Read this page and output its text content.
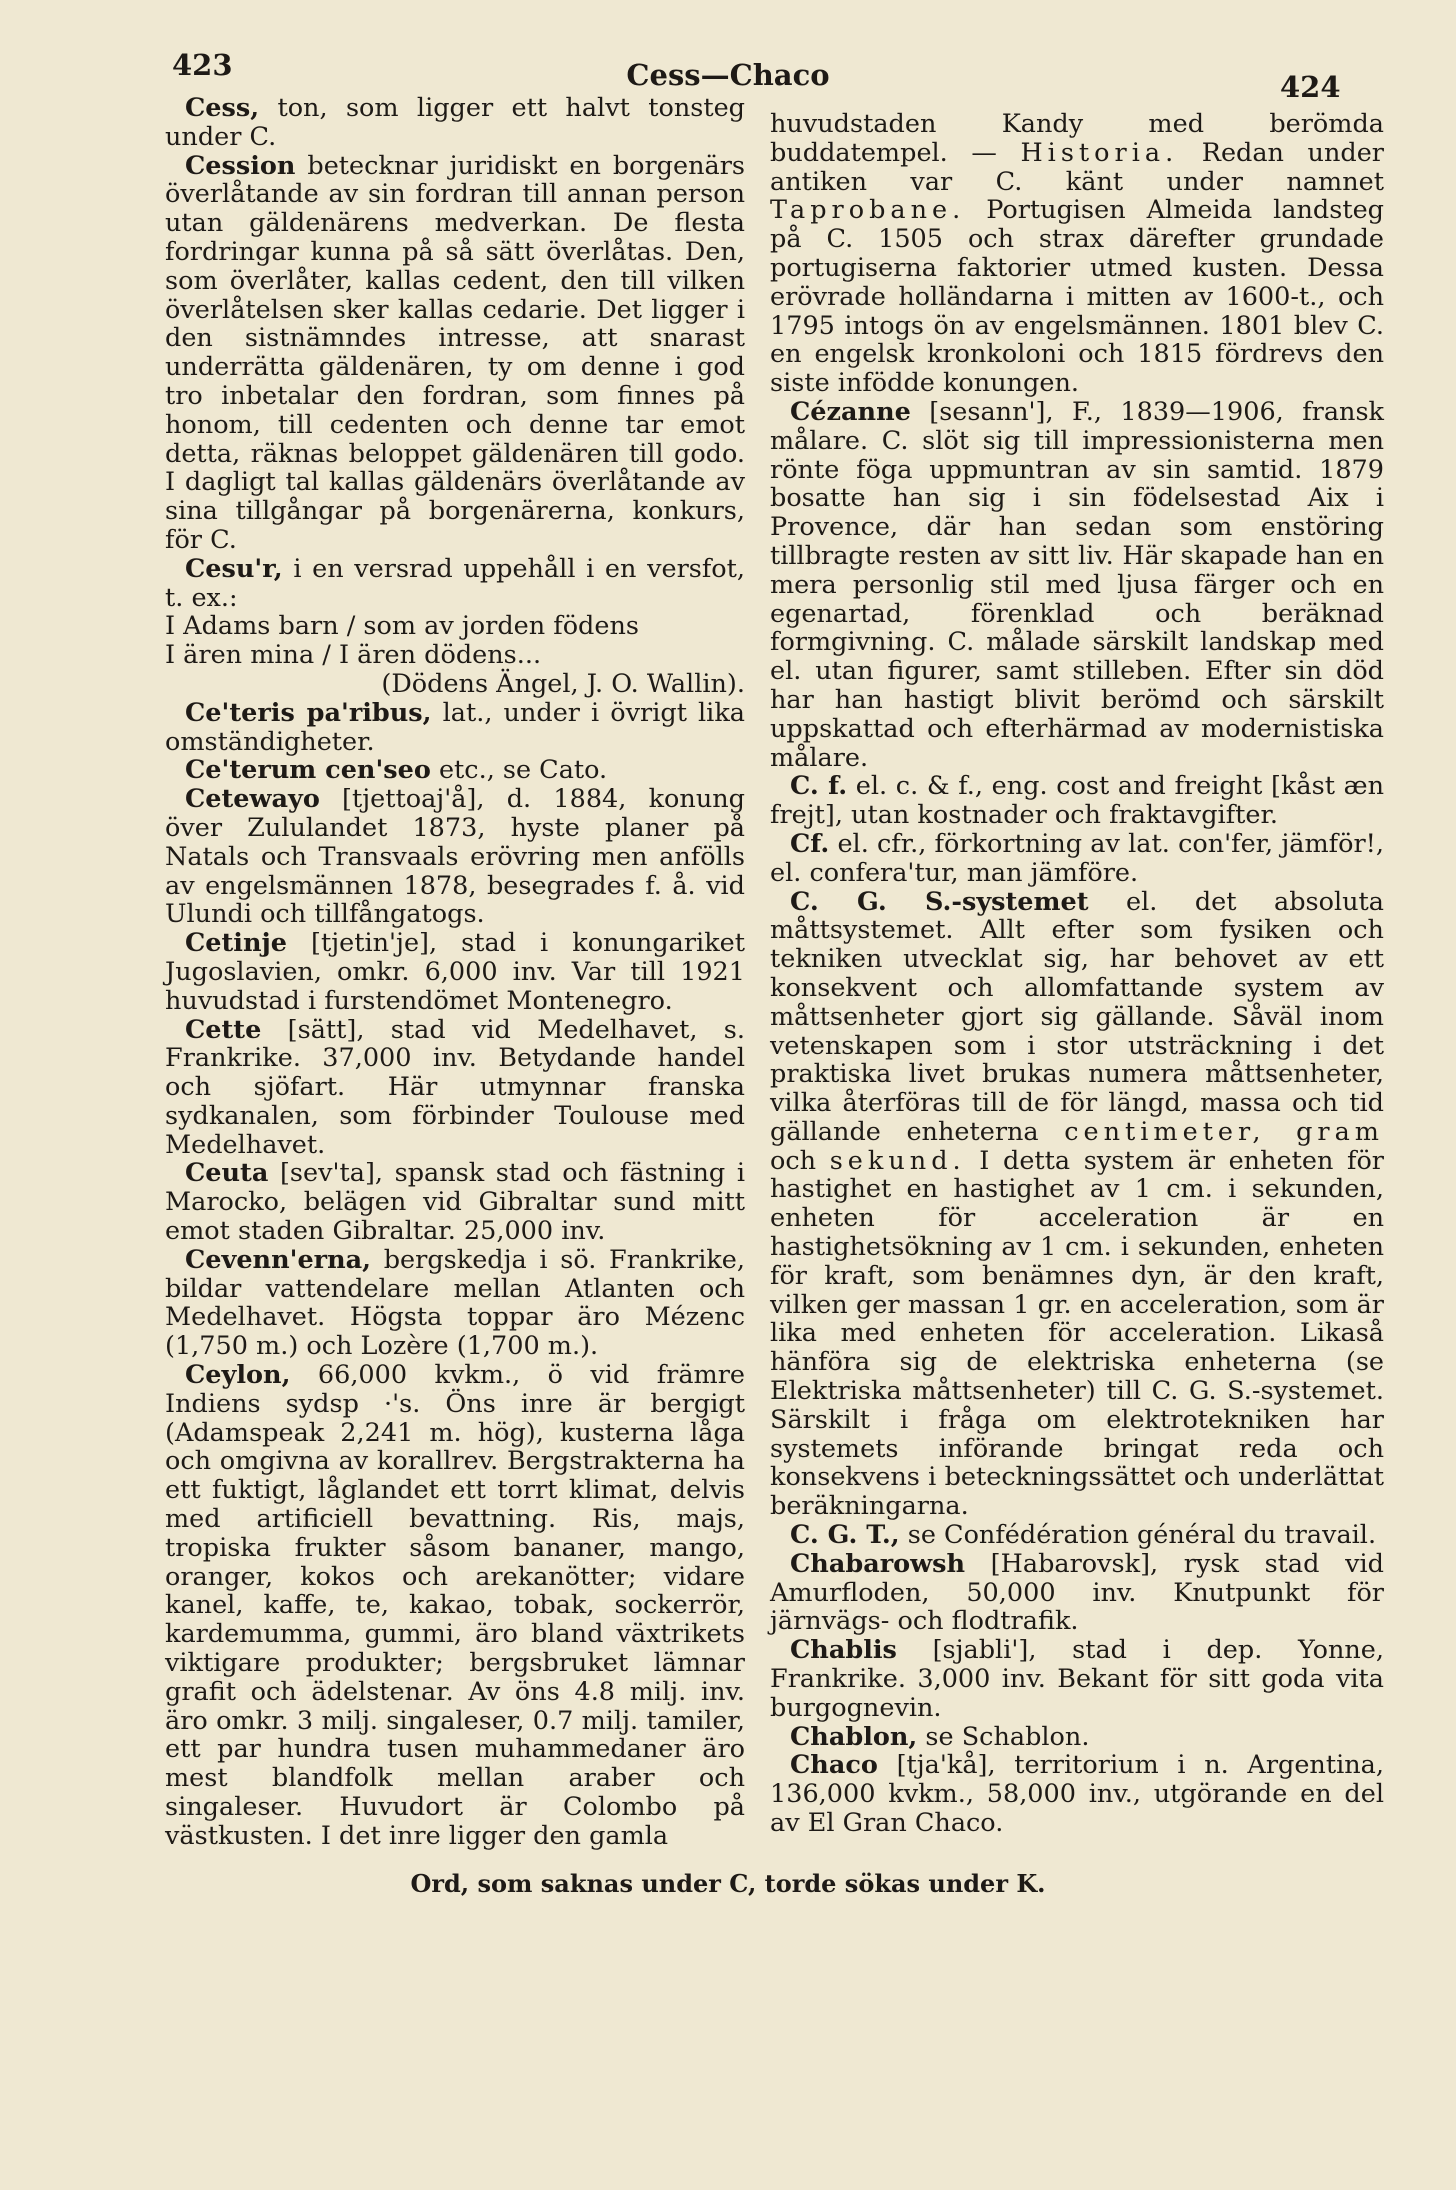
423	Cess—Chaco	424

Cess, ton, som ligger ett halvt tonsteg under C.

Cession betecknar juridiskt en borgenärs överlåtande av sin fordran till annan person utan gäldenärens medverkan. De flesta fordringar kunna på så sätt överlåtas. Den, som överlåter, kallas cedent, den till vilken överlåtelsen sker kallas cedarie. Det ligger i den sistnämndes intresse, att snarast underrätta gäldenären, ty om denne i god tro inbetalar den fordran, som finnes på honom, till cedenten och denne tar emot detta, räknas beloppet gäldenären till godo. I dagligt tal kallas gäldenärs överlåtande av sina tillgångar på borgenärerna, konkurs, för C.

Cesu'r, i en versrad uppehåll i en versfot, t. ex.:

I Adams barn / som av jorden födens

I ären mina / I ären dödens...

(Dödens Ängel, J. O. Wallin).

Ce'teris pa'ribus, lat., under i övrigt lika omständigheter.

Ce'terum cen'seo etc., se Cato.

Cetewayo [tjettoaj'å], d. 1884, konung över Zululandet 1873, hyste planer på Natals och Transvaals erövring men anfölls av engelsmännen 1878, besegrades f. å. vid Ulundi och tillfångatogs.

Cetinje [tjetin'je], stad i konungariket Jugoslavien, omkr. 6,000 inv. Var till 1921 huvudstad i furstendömet Montenegro.

Cette [sätt], stad vid Medelhavet, s. Frankrike. 37,000 inv. Betydande handel och sjöfart. Här utmynnar franska sydkanalen, som förbinder Toulouse med Medelhavet.

Ceuta [sev'ta], spansk stad och fästning i Marocko, belägen vid Gibraltar sund mitt emot staden Gibraltar. 25,000 inv.

Cevenn'erna, bergskedja i sö. Frankrike, bildar vattendelare mellan Atlanten och Medelhavet. Högsta toppar äro Mézenc (1,750 m.) och Lozère (1,700 m.).

Ceylon, 66,000 kvkm., ö vid främre Indiens sydsp ·'s. Öns inre är bergigt (Adamspeak 2,241 m. hög), kusterna låga och omgivna av korallrev. Bergstrakterna ha ett fuktigt, låglandet ett torrt klimat, delvis med artificiell bevattning. Ris, majs, tropiska frukter såsom bananer, mango, oranger, kokos och arekanötter; vidare kanel, kaffe, te, kakao, tobak, sockerrör, kardemumma, gummi, äro bland växtrikets viktigare produkter; bergsbruket lämnar grafit och ädelstenar. Av öns 4.8 milj. inv. äro omkr. 3 milj. singaleser, 0.7 milj. tamiler, ett par hundra tusen muhammedaner äro mest blandfolk mellan araber och singaleser. Huvudort är Colombo på västkusten. I det inre ligger den gamla

huvudstaden Kandy med berömda buddatempel. — Historia. Redan under antiken var C. känt under namnet Taprobane. Portugisen Almeida landsteg på C. 1505 och strax därefter grundade portugiserna faktorier utmed kusten. Dessa erövrade holländarna i mitten av 1600-t., och 1795 intogs ön av engelsmännen. 1801 blev C. en engelsk kronkoloni och 1815 fördrevs den siste infödde konungen.

Cézanne [sesann'], F., 1839—1906, fransk målare. C. slöt sig till impressionisterna men rönte föga uppmuntran av sin samtid. 1879 bosatte han sig i sin födelsestad Aix i Provence, där han sedan som enstöring tillbragte resten av sitt liv. Här skapade han en mera personlig stil med ljusa färger och en egenartad, förenklad och beräknad formgivning. C. målade särskilt landskap med el. utan figurer, samt stilleben. Efter sin död har han hastigt blivit berömd och särskilt uppskattad och efterhärmad av modernistiska målare.

C. f. el. c. & f., eng. cost and freight [kåst æn frejt], utan kostnader och fraktavgifter.

Cf. el. cfr., förkortning av lat. con'fer, jämför!, el. confera'tur, man jämföre.

C. G. S.-systemet el. det absoluta måttsystemet. Allt efter som fysiken och tekniken utvecklat sig, har behovet av ett konsekvent och allomfattande system av måttsenheter gjort sig gällande. Såväl inom vetenskapen som i stor utsträckning i det praktiska livet brukas numera måttsenheter, vilka återföras till de för längd, massa och tid gällande enheterna centimeter, gram och sekund. I detta system är enheten för hastighet en hastighet av 1 cm. i sekunden, enheten för acceleration är en hastighetsökning av 1 cm. i sekunden, enheten för kraft, som benämnes dyn, är den kraft, vilken ger massan 1 gr. en acceleration, som är lika med enheten för acceleration. Likaså hänföra sig de elektriska enheterna (se Elektriska måttsenheter) till C. G. S.-systemet. Särskilt i fråga om elektrotekniken har systemets införande bringat reda och konsekvens i beteckningssättet och underlättat beräkningarna.

C. G. T., se Confédération général du travail.

Chabarowsh [Habarovsk], rysk stad vid Amurfloden, 50,000 inv. Knutpunkt för järnvägs- och flodtrafik.

Chablis [sjabli'], stad i dep. Yonne, Frankrike. 3,000 inv. Bekant för sitt goda vita burgognevin.

Chablon, se Schablon.

Chaco [tja'kå], territorium i n. Argentina, 136,000 kvkm., 58,000 inv., utgörande en del av El Gran Chaco.

Ord, som saknas under C, torde sökas under K.
